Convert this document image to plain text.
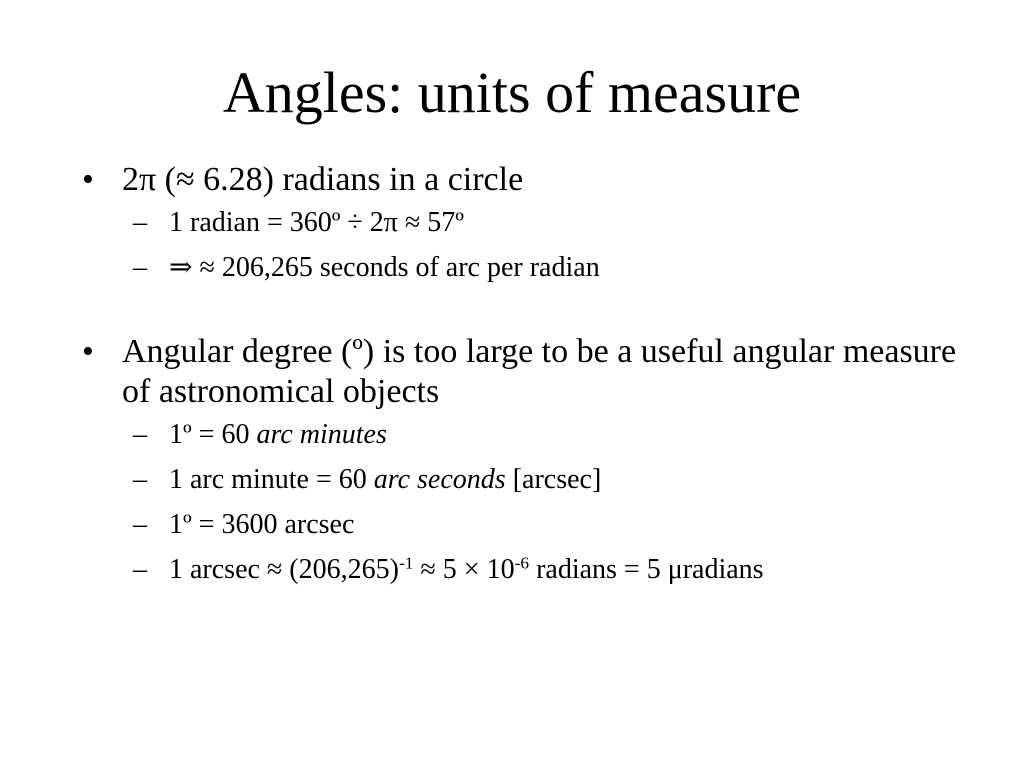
Angles: units of measure
• 2π (≈ 6.28) radians in a circle
– 1 radian = 360º ÷ 2π ≈ 57º
– ⇒ ≈ 206,265 seconds of arc per radian
• Angular degree (º) is too large to be a useful angular measure of astronomical objects
– 1º = 60 arc minutes
– 1 arc minute = 60 arc seconds [arcsec]
– 1º = 3600 arcsec
– 1 $arcsec \approx (206,265)^{-1} \approx 5 \times 10^{-6}$ radians = 5 μradians
